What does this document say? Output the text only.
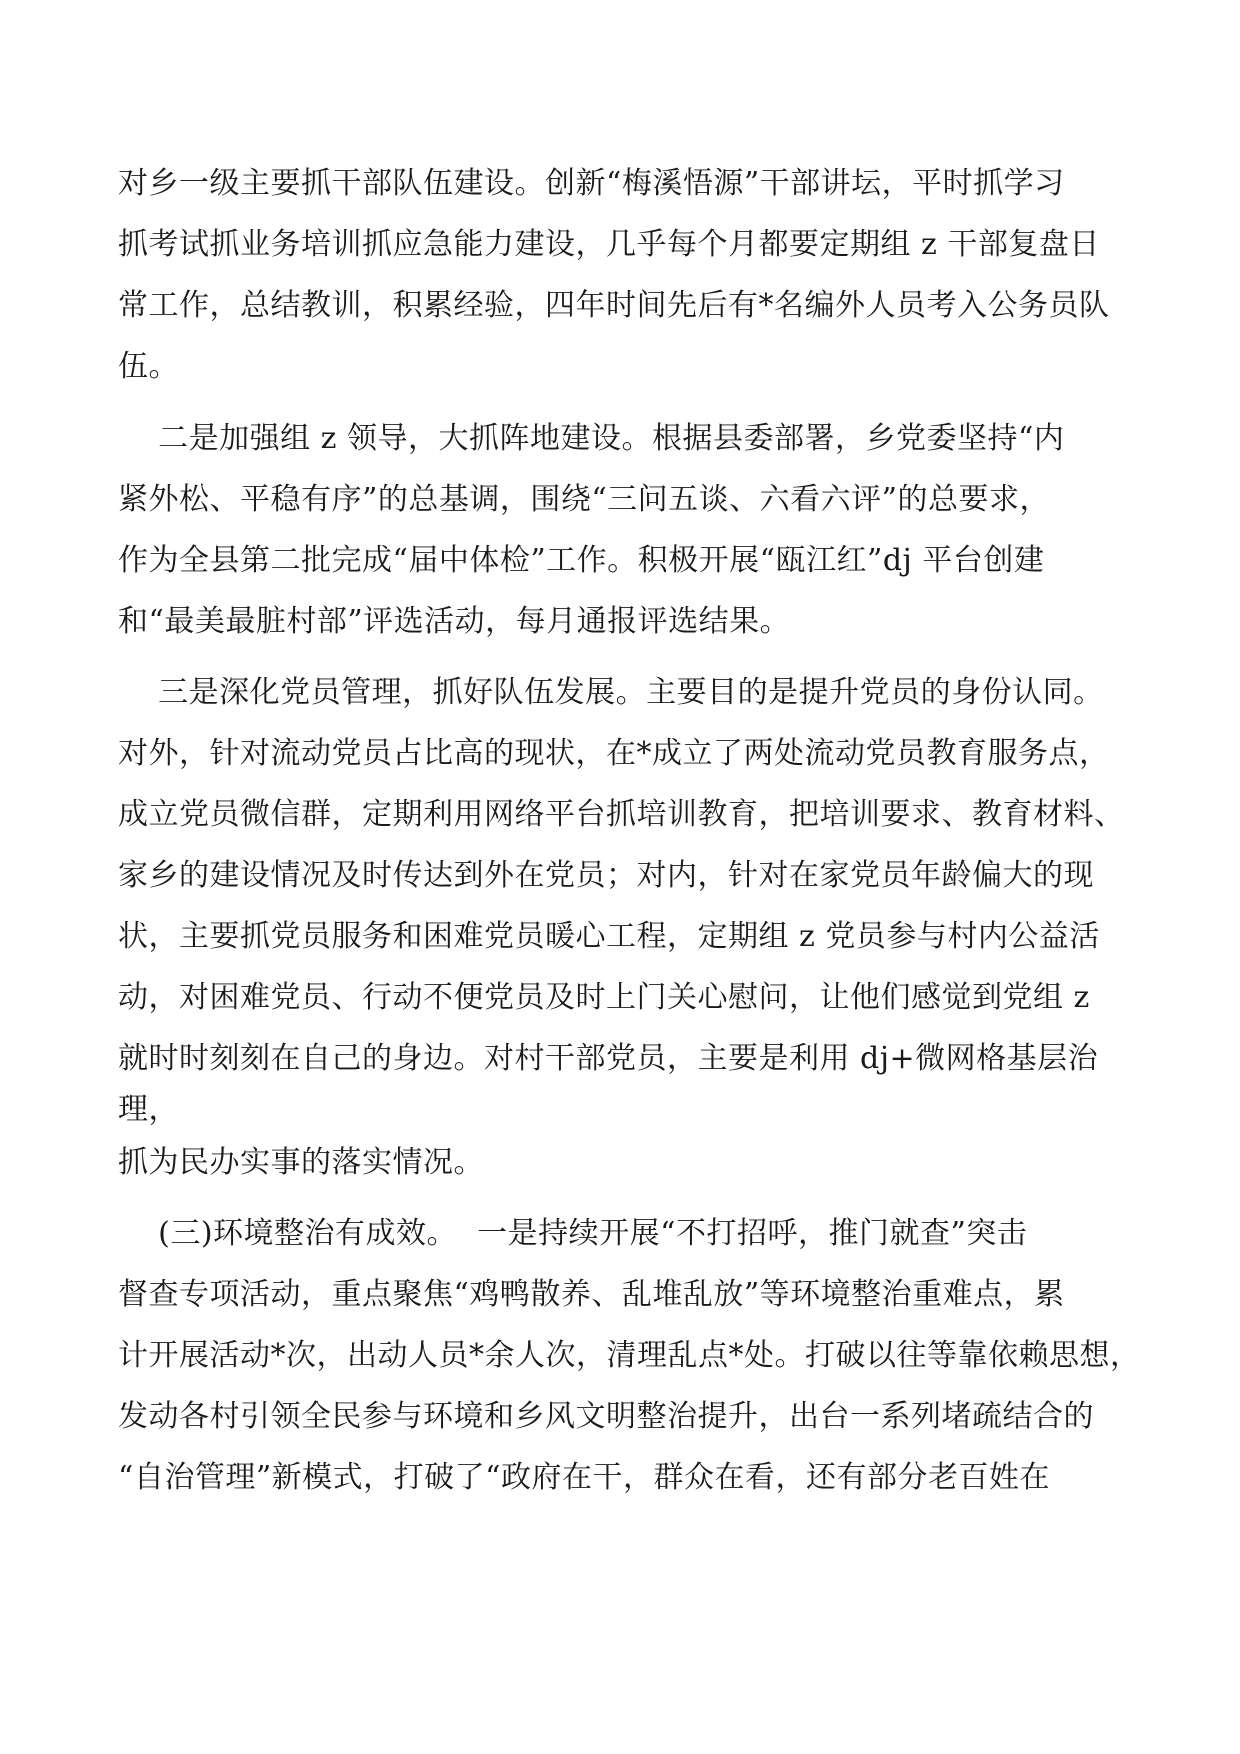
对乡一级主要抓干部队伍建设。创新“梅溪悟源”干部讲坛，平时抓学习
抓考试抓业务培训抓应急能力建设，几乎每个月都要定期组 z 干部复盘日
常工作，总结教训，积累经验，四年时间先后有*名编外人员考入公务员队
伍。
二是加强组 z 领导，大抓阵地建设。根据县委部署，乡党委坚持“内
紧外松、平稳有序”的总基调，围绕“三问五谈、六看六评”的总要求，
作为全县第二批完成“届中体检”工作。积极开展“瓯江红”dj 平台创建
和“最美最脏村部”评选活动，每月通报评选结果。
三是深化党员管理，抓好队伍发展。主要目的是提升党员的身份认同。
对外，针对流动党员占比高的现状，在*成立了两处流动党员教育服务点，
成立党员微信群，定期利用网络平台抓培训教育，把培训要求、教育材料、
家乡的建设情况及时传达到外在党员；对内，针对在家党员年龄偏大的现
状，主要抓党员服务和困难党员暖心工程，定期组 z 党员参与村内公益活
动，对困难党员、行动不便党员及时上门关心慰问，让他们感觉到党组 z
就时时刻刻在自己的身边。对村干部党员，主要是利用 dj+微网格基层治
理，
抓为民办实事的落实情况。
(三)环境整治有成效。  一是持续开展“不打招呼，推门就查”突击
督查专项活动，重点聚焦“鸡鸭散养、乱堆乱放”等环境整治重难点，累
计开展活动*次，出动人员*余人次，清理乱点*处。打破以往等靠依赖思想，
发动各村引领全民参与环境和乡风文明整治提升，出台一系列堵疏结合的
“自治管理”新模式，打破了“政府在干，群众在看，还有部分老百姓在
